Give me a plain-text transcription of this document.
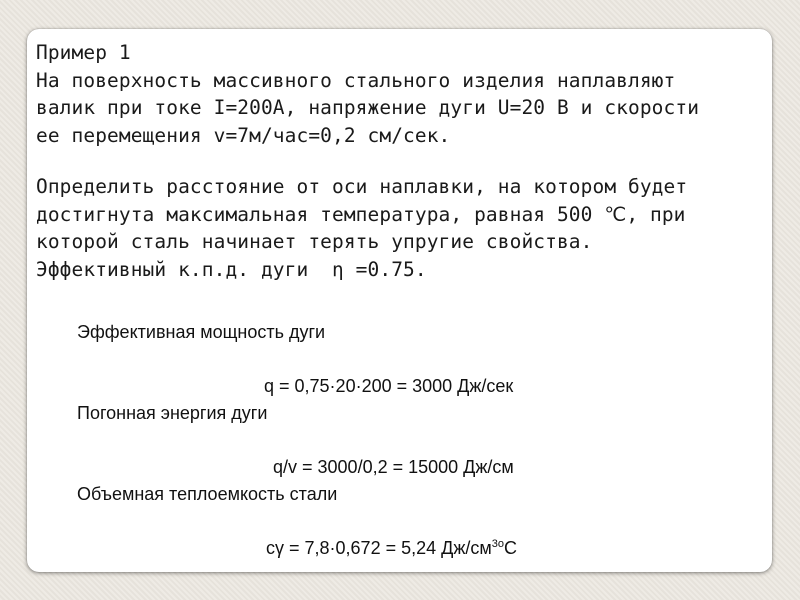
Пример 1
На поверхность массивного стального изделия наплавляют
валик при токе I=200А, напряжение дуги U=20 В и скорости
ее перемещения v=7м/час=0,2 см/сек.
Определить расстояние от оси наплавки, на котором будет
достигнута максимальная температура, равная 500 ℃, при
которой сталь начинает терять упругие свойства.
Эффективный к.п.д. дуги  η =0.75.
Эффективная мощность дуги
q = 0,75·20·200 = 3000 Дж/сек
Погонная энергия дуги
q/v = 3000/0,2 = 15000 Дж/см
Объемная теплоемкость стали
cγ = 7,8·0,672 = 5,24 $Дж/см^{3о}С$
